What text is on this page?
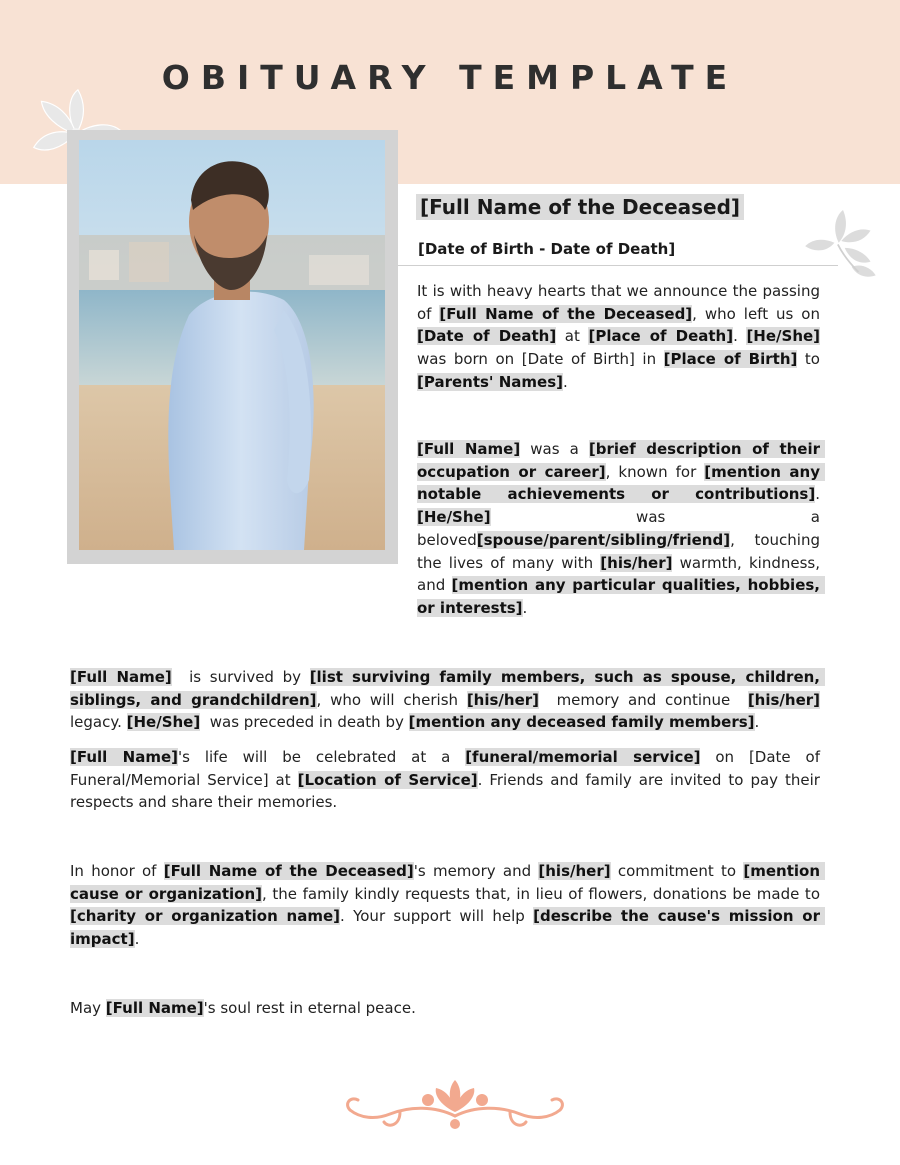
OBITUARY TEMPLATE
[Full Name of the Deceased]
[Date of Birth - Date of Death]

It is with heavy hearts that we announce the passing of [Full Name of the Deceased], who left us on [Date of Death] at [Place of Death]. [He/She] was born on [Date of Birth] in [Place of Birth] to [Parents' Names].

[Full Name] was a [brief description of their occupation or career], known for [mention any notable achievements or contributions]. [He/She] was a beloved[spouse/parent/sibling/friend], touching the lives of many with [his/her] warmth, kindness, and [mention any particular qualities, hobbies, or interests].

[Full Name]  is survived by [list surviving family members, such as spouse, children, siblings, and grandchildren], who will cherish [his/her]  memory and continue  [his/her] legacy. [He/She]  was preceded in death by [mention any deceased family members].

[Full Name]'s life will be celebrated at a [funeral/memorial service] on [Date of Funeral/Memorial Service] at [Location of Service]. Friends and family are invited to pay their respects and share their memories.

In honor of [Full Name of the Deceased]'s memory and [his/her] commitment to [mention cause or organization], the family kindly requests that, in lieu of flowers, donations be made to [charity or organization name]. Your support will help [describe the cause's mission or impact].

May [Full Name]'s soul rest in eternal peace.
